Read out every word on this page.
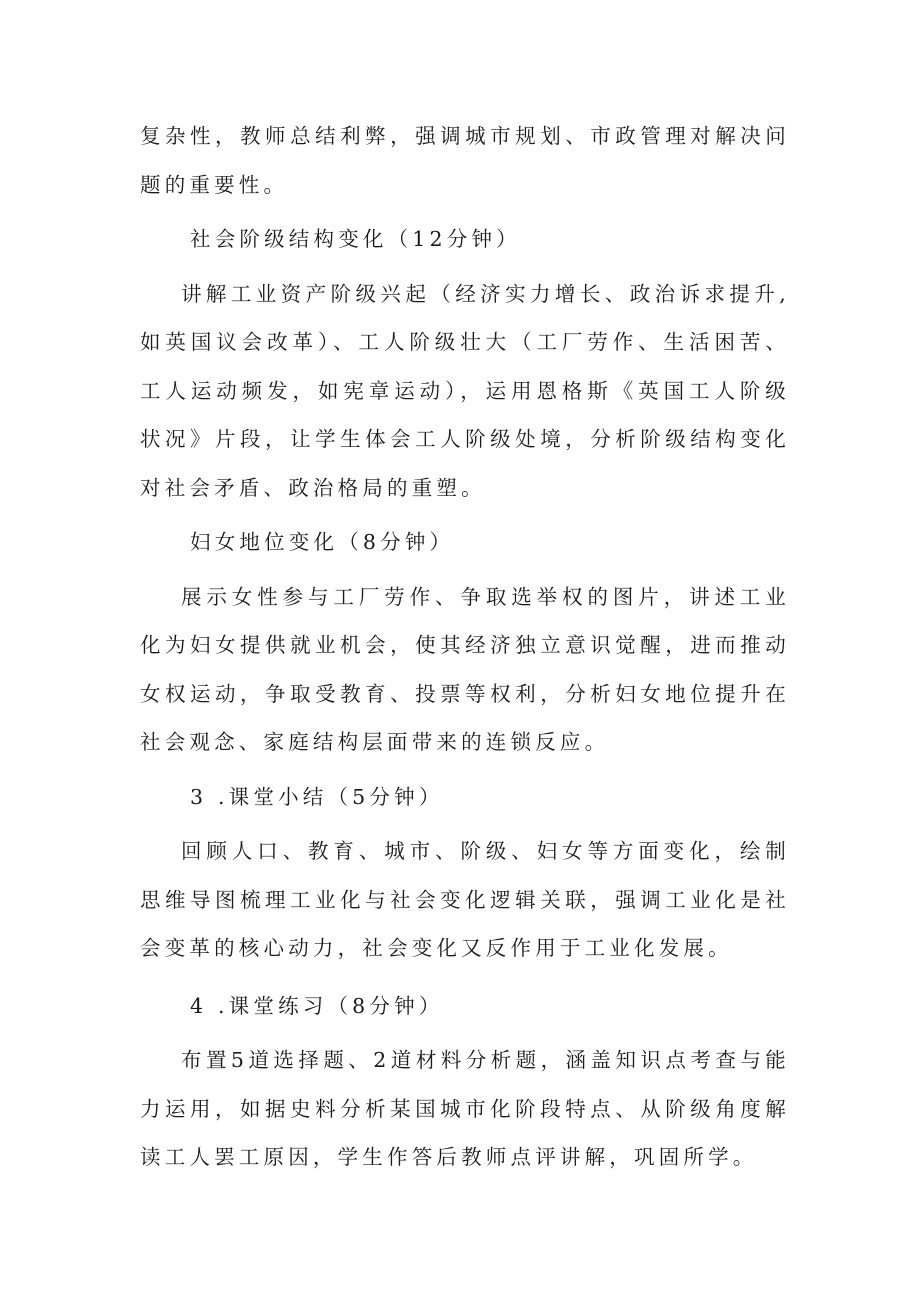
复杂性，教师总结利弊，强调城市规划、市政管理对解决问题的重要性。

社会阶级结构变化（12分钟）

讲解工业资产阶级兴起（经济实力增长、政治诉求提升,如英国议会改革）、工人阶级壮大（工厂劳作、生活困苦、工人运动频发，如宪章运动），运用恩格斯《英国工人阶级状况》片段，让学生体会工人阶级处境，分析阶级结构变化对社会矛盾、政治格局的重塑。

妇女地位变化（8分钟）

展示女性参与工厂劳作、争取选举权的图片，讲述工业化为妇女提供就业机会，使其经济独立意识觉醒，进而推动女权运动，争取受教育、投票等权利，分析妇女地位提升在社会观念、家庭结构层面带来的连锁反应。

3 .课堂小结（5分钟）

回顾人口、教育、城市、阶级、妇女等方面变化，绘制思维导图梳理工业化与社会变化逻辑关联，强调工业化是社会变革的核心动力，社会变化又反作用于工业化发展。

4 .课堂练习（8分钟）

布置5道选择题、2道材料分析题，涵盖知识点考查与能力运用，如据史料分析某国城市化阶段特点、从阶级角度解读工人罢工原因，学生作答后教师点评讲解，巩固所学。
